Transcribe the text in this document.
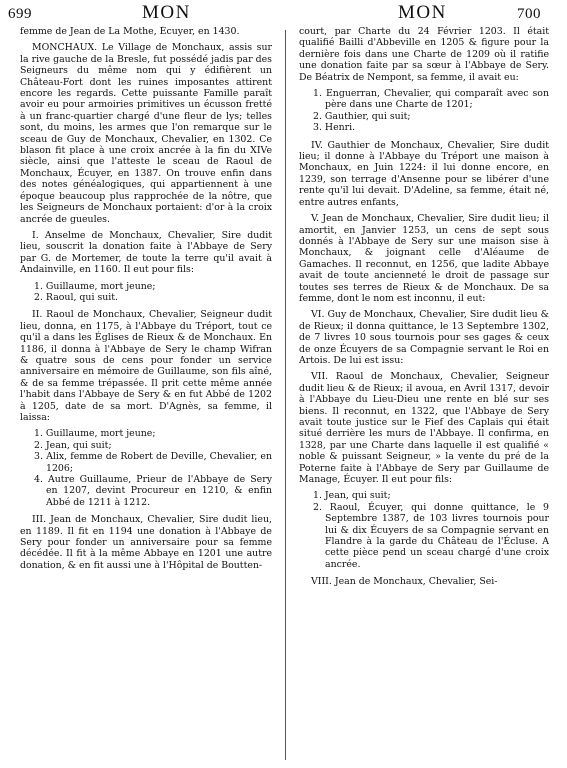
699	MON	MON	700

femme de Jean de La Mothe, Écuyer, en 1430.

MONCHAUX. Le Village de Monchaux, assis sur la rive gauche de la Bresle, fut possédé jadis par des Seigneurs du même nom qui y édifièrent un Château-Fort dont les ruines imposantes attirent encore les regards. Cette puissante Famille paraît avoir eu pour armoiries primitives un écusson fretté à un franc-quartier chargé d'une fleur de lys; telles sont, du moins, les armes que l'on remarque sur le sceau de Guy de Monchaux, Chevalier, en 1302. Ce blason fit place à une croix ancrée à la fin du XIVe siècle, ainsi que l'atteste le sceau de Raoul de Monchaux, Écuyer, en 1387. On trouve enfin dans des notes généalogiques, qui appartiennent à une époque beaucoup plus rapprochée de la nôtre, que les Seigneurs de Monchaux portaient: d'or à la croix ancrée de gueules.

I. Anselme de Monchaux, Chevalier, Sire dudit lieu, souscrit la donation faite à l'Abbaye de Sery par G. de Mortemer, de toute la terre qu'il avait à Andainville, en 1160. Il eut pour fils:

1. Guillaume, mort jeune;
2. Raoul, qui suit.

II. Raoul de Monchaux, Chevalier, Seigneur dudit lieu, donna, en 1175, à l'Abbaye du Tréport, tout ce qu'il a dans les Églises de Rieux & de Monchaux. En 1186, il donna à l'Abbaye de Sery le champ Wifran & quatre sous de cens pour fonder un service anniversaire en mémoire de Guillaume, son fils aîné, & de sa femme trépassée. Il prit cette même année l'habit dans l'Abbaye de Sery & en fut Abbé de 1202 à 1205, date de sa mort. D'Agnès, sa femme, il laissa:

1. Guillaume, mort jeune;
2. Jean, qui suit;
3. Alix, femme de Robert de Deville, Chevalier, en 1206;
4. Autre Guillaume, Prieur de l'Abbaye de Sery en 1207, devint Procureur en 1210, & enfin Abbé de 1211 à 1212.

III. Jean de Monchaux, Chevalier, Sire dudit lieu, en 1189. Il fit en 1194 une donation à l'Abbaye de Sery pour fonder un anniversaire pour sa femme décédée. Il fit à la même Abbaye en 1201 une autre donation, & en fit aussi une à l'Hôpital de Boutten-

court, par Charte du 24 Février 1203. Il était qualifié Bailli d'Abbeville en 1205 & figure pour la dernière fois dans une Charte de 1209 où il ratifie une donation faite par sa sœur à l'Abbaye de Sery. De Béatrix de Nempont, sa femme, il avait eu:

1. Enguerran, Chevalier, qui comparaît avec son père dans une Charte de 1201;
2. Gauthier, qui suit;
3. Henri.

IV. Gauthier de Monchaux, Chevalier, Sire dudit lieu; il donne à l'Abbaye du Tréport une maison à Monchaux, en Juin 1224: il lui donne encore, en 1239, son terrage d'Ansenne pour se libérer d'une rente qu'il lui devait. D'Adeline, sa femme, était né, entre autres enfants,

V. Jean de Monchaux, Chevalier, Sire dudit lieu; il amortit, en Janvier 1253, un cens de sept sous donnés à l'Abbaye de Sery sur une maison sise à Monchaux, & joignant celle d'Aléaume de Gamaches. Il reconnut, en 1256, que ladite Abbaye avait de toute ancienneté le droit de passage sur toutes ses terres de Rieux & de Monchaux. De sa femme, dont le nom est inconnu, il eut:

VI. Guy de Monchaux, Chevalier, Sire dudit lieu & de Rieux; il donna quittance, le 13 Septembre 1302, de 7 livres 10 sous tournois pour ses gages & ceux de onze Écuyers de sa Compagnie servant le Roi en Artois. De lui est issu:

VII. Raoul de Monchaux, Chevalier, Seigneur dudit lieu & de Rieux; il avoua, en Avril 1317, devoir à l'Abbaye du Lieu-Dieu une rente en blé sur ses biens. Il reconnut, en 1322, que l'Abbaye de Sery avait toute justice sur le Fief des Caplais qui était situé derrière les murs de l'Abbaye. Il confirma, en 1328, par une Charte dans laquelle il est qualifié « noble & puissant Seigneur, » la vente du pré de la Poterne faite à l'Abbaye de Sery par Guillaume de Manage, Écuyer. Il eut pour fils:

1. Jean, qui suit;
2. Raoul, Écuyer, qui donne quittance, le 9 Septembre 1387, de 103 livres tournois pour lui & dix Écuyers de sa Compagnie servant en Flandre à la garde du Château de l'Écluse. A cette pièce pend un sceau chargé d'une croix ancrée.

VIII. Jean de Monchaux, Chevalier, Sei-
